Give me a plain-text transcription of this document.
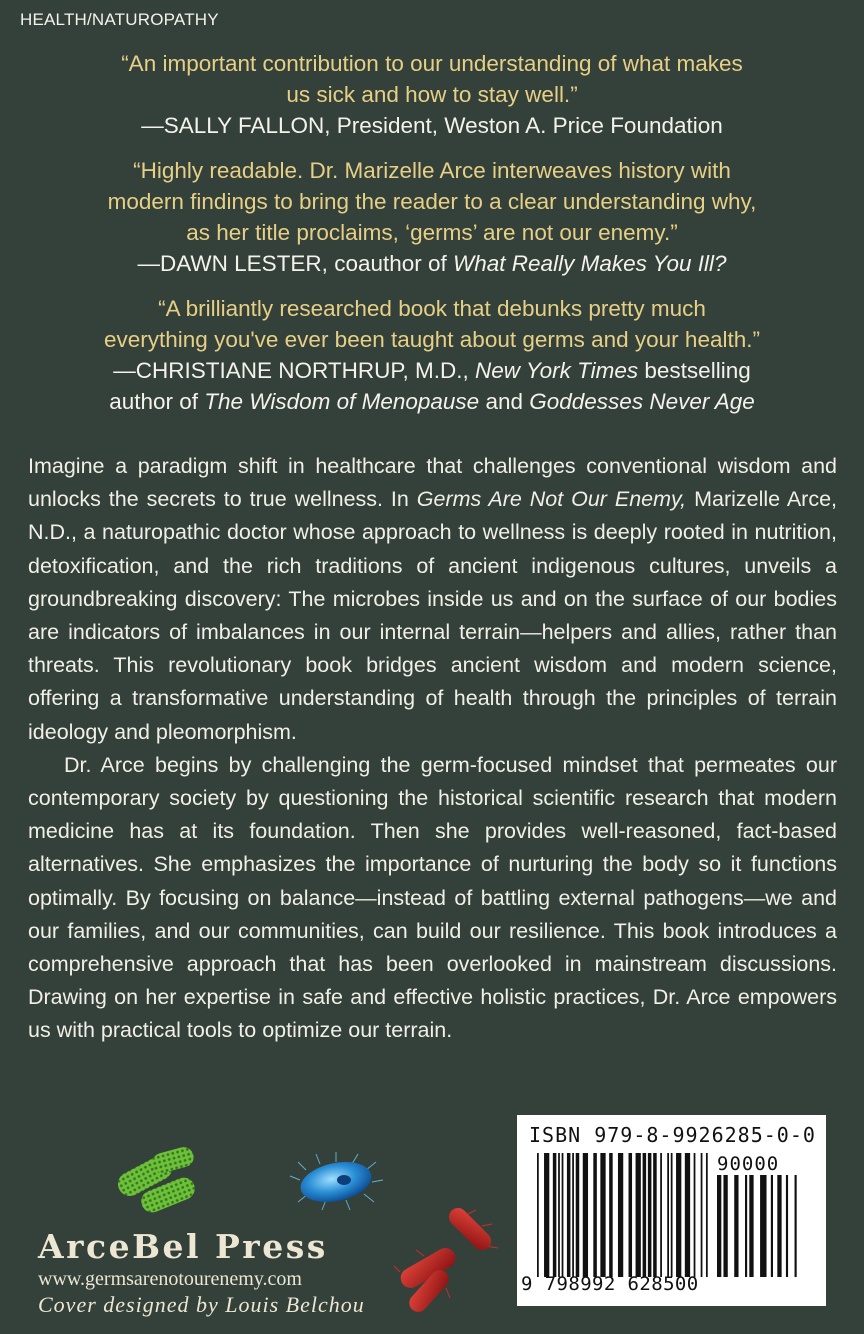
HEALTH/NATUROPATHY
“An important contribution to our understanding of what makes
us sick and how to stay well.”
—SALLY FALLON, President, Weston A. Price Foundation
“Highly readable. Dr. Marizelle Arce interweaves history with
modern findings to bring the reader to a clear understanding why,
as her title proclaims, ‘germs’ are not our enemy.”
—DAWN LESTER, coauthor of What Really Makes You Ill?
“A brilliantly researched book that debunks pretty much
everything you've ever been taught about germs and your health.”
—CHRISTIANE NORTHRUP, M.D., New York Times bestselling
author of The Wisdom of Menopause and Goddesses Never Age

Imagine a paradigm shift in healthcare that challenges conventional wisdom and unlocks the secrets to true wellness. In Germs Are Not Our Enemy, Marizelle Arce, N.D., a naturopathic doctor whose approach to wellness is deeply rooted in nutrition, detoxification, and the rich traditions of ancient indigenous cultures, unveils a groundbreaking discovery: The microbes inside us and on the surface of our bodies are indicators of imbalances in our internal terrain—helpers and allies, rather than threats. This revolutionary book bridges ancient wisdom and modern science, offering a transformative understanding of health through the principles of terrain ideology and pleomorphism.

Dr. Arce begins by challenging the germ-focused mindset that permeates our contemporary society by questioning the historical scientific research that modern medicine has at its foundation. Then she provides well-reasoned, fact-based alternatives. She emphasizes the importance of nurturing the body so it functions optimally. By focusing on balance—instead of battling external pathogens—we and our families, and our communities, can build our resilience. This book introduces a comprehensive approach that has been overlooked in mainstream discussions. Drawing on her expertise in safe and effective holistic practices, Dr. Arce empowers us with practical tools to optimize our terrain.

ArceBel Press
www.germsarenotourenemy.com
Cover designed by Louis Belchou
ISBN 979-8-9926285-0-0
90000
9 798992 628500
